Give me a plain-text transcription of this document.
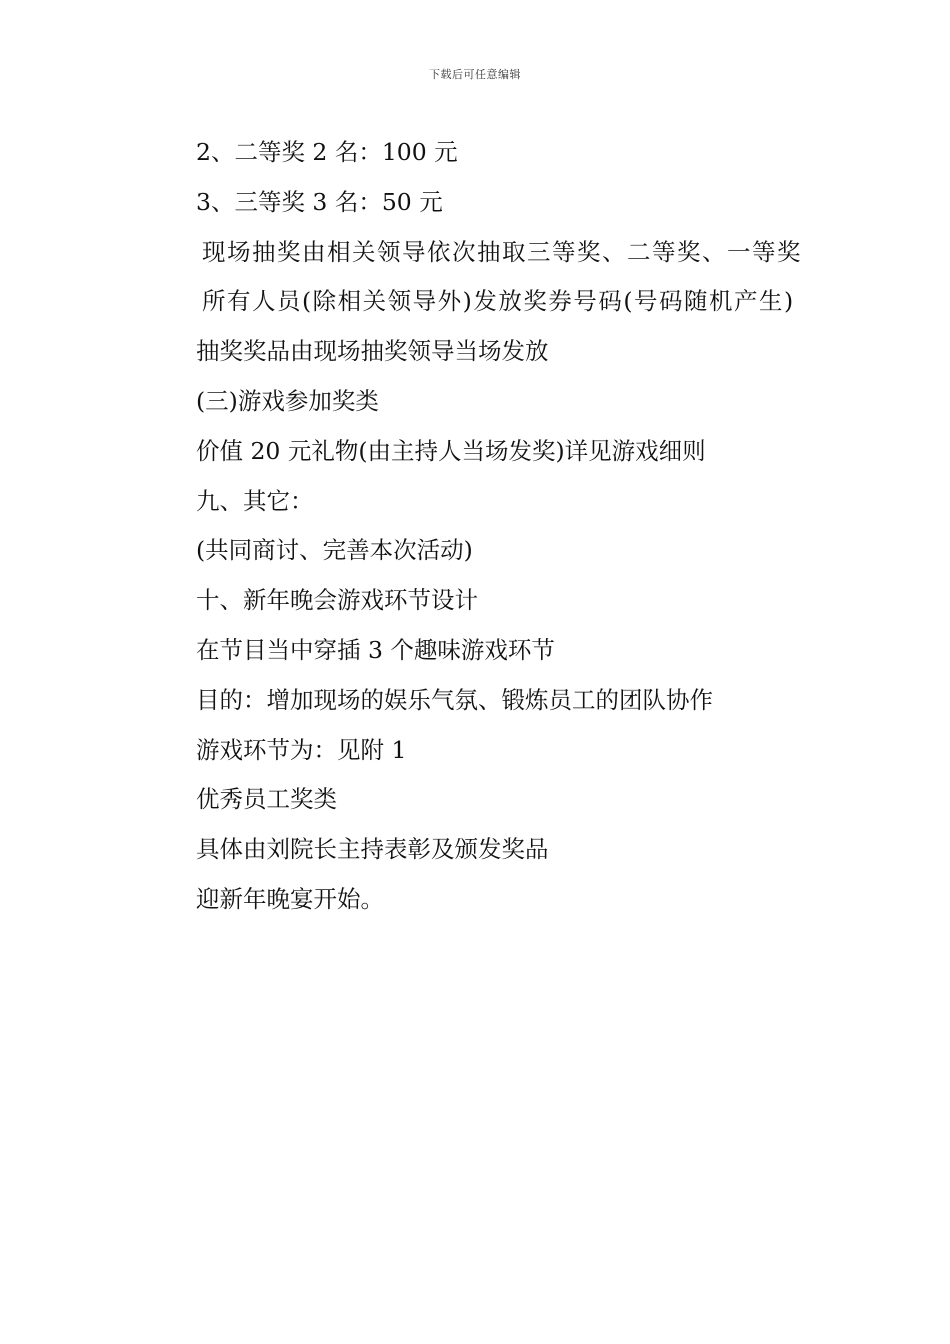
下载后可任意编辑

2、二等奖 2 名：100 元

3、三等奖 3 名：50 元

现场抽奖由相关领导依次抽取三等奖、二等奖、一等奖

所有人员(除相关领导外)发放奖券号码(号码随机产生)

抽奖奖品由现场抽奖领导当场发放

(三)游戏参加奖类

价值 20 元礼物(由主持人当场发奖)详见游戏细则

九、其它：

(共同商讨、完善本次活动)

十、新年晚会游戏环节设计

在节目当中穿插 3 个趣味游戏环节

目的：增加现场的娱乐气氛、锻炼员工的团队协作

游戏环节为：见附 1

优秀员工奖类

具体由刘院长主持表彰及颁发奖品

迎新年晚宴开始。
